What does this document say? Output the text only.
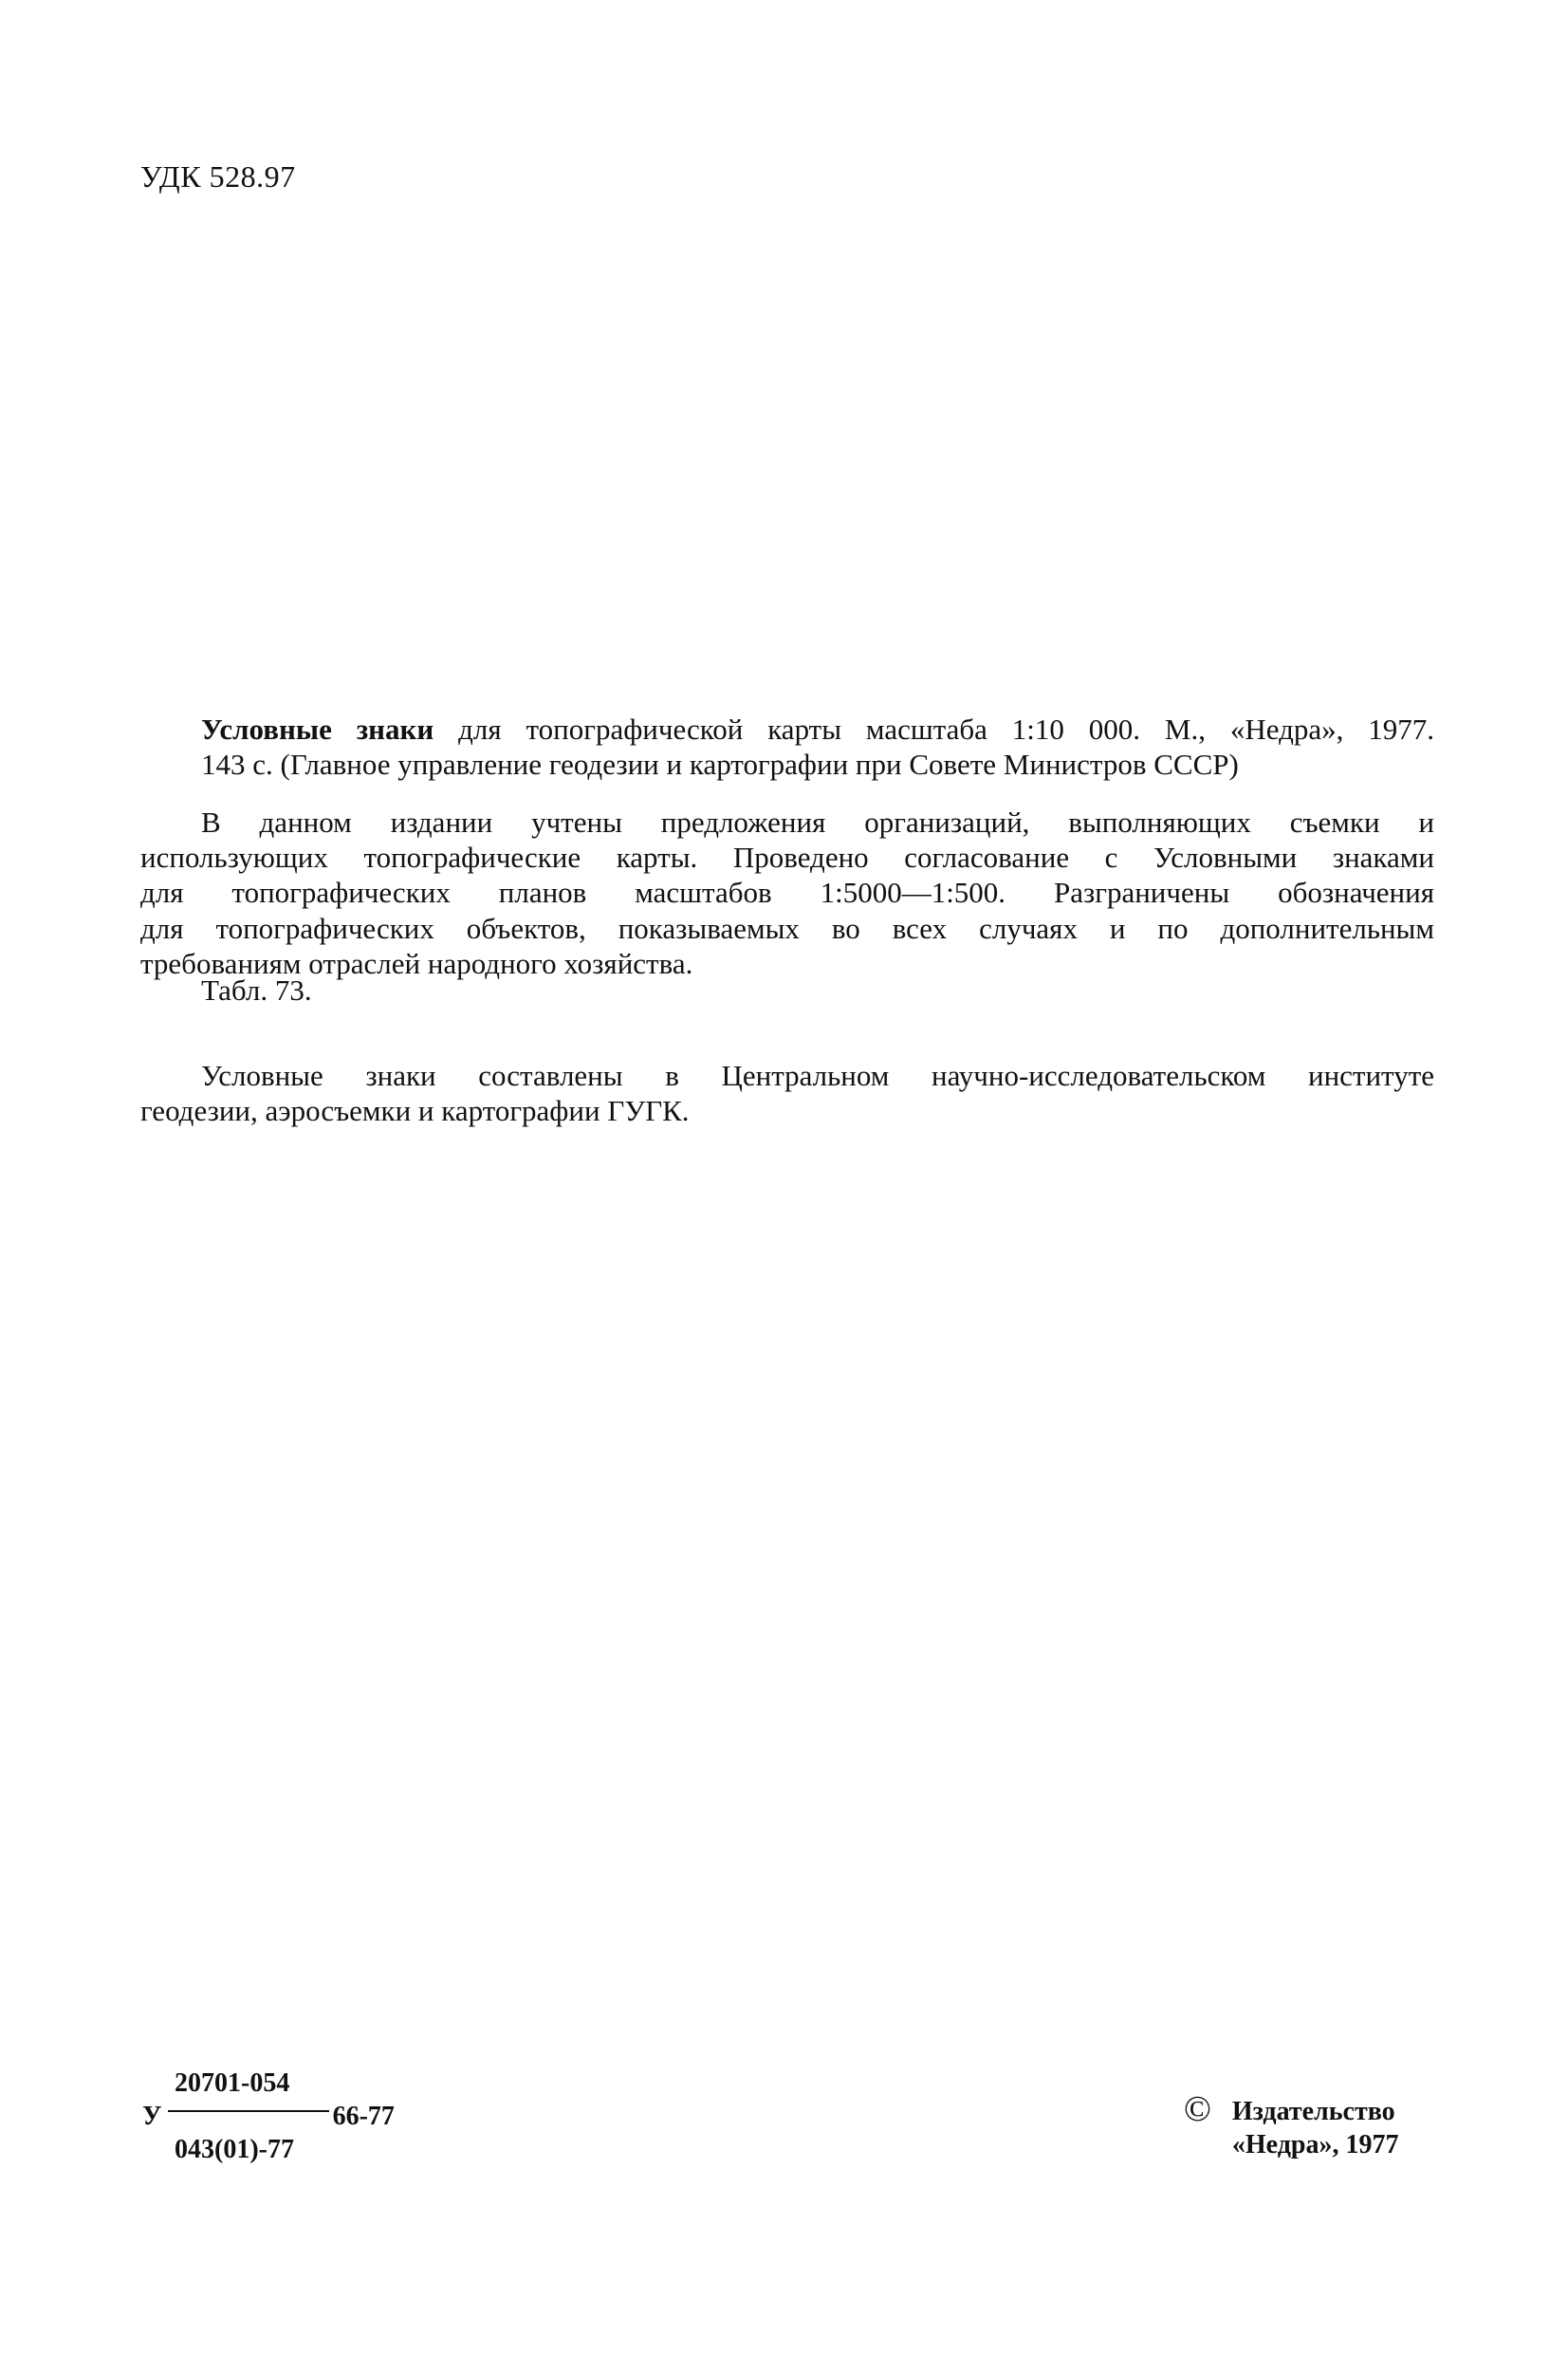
УДК 528.97
Условные знаки для топографической карты масштаба 1:10 000. М., «Недра», 1977.
143 с. (Главное управление геодезии и картографии при Совете Министров СССР)
В данном издании учтены предложения организаций, выполняющих съемки и
использующих топографические карты. Проведено согласование с Условными знаками
для топографических планов масштабов 1:5000—1:500. Разграничены обозначения
для топографических объектов, показываемых во всех случаях и по дополнительным
требованиям отраслей народного хозяйства.
Табл. 73.
Условные знаки составлены в Центральном научно-исследовательском институте
геодезии, аэросъемки и картографии ГУГК.
20701-054
У	66-77
043(01)-77
© Издательство
«Недра», 1977
